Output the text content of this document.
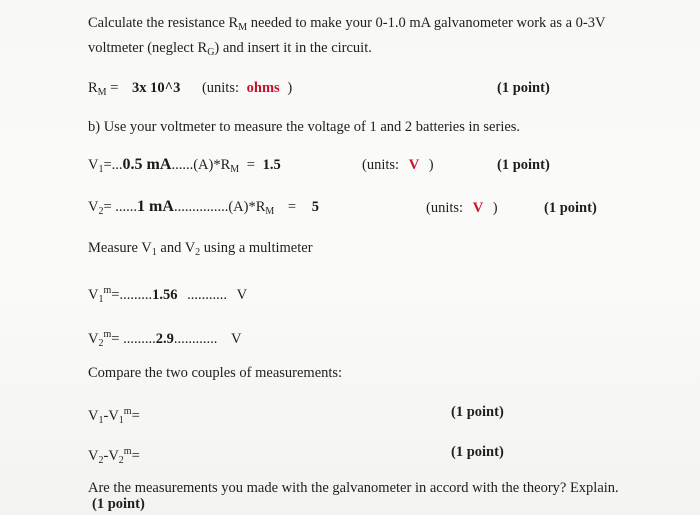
Calculate the resistance $R_M$ needed to make your 0-1.0 mA galvanometer work as a 0-3V
voltmeter (neglect $R_G$) and insert it in the circuit.
$R_M = 3x$ 10^3 (units: ohms )	(1 point)
b) Use your voltmeter to measure the voltage of 1 and 2 batteries in series.
$V_1=...0.5$ $mA......(A)*R_M = 1.5$	(units: V )	(1 point)
$V_2= ......1$ $mA...............(A)*R_M = 5$	(units: V )	(1 point)
Measure $V_1$ and $V_2$ using a multimeter
$V_1^m=.........1.56$ ........... V
$V_2^m= .........2.9$............ V
Compare the two couples of measurements:
$V_1-V_1^m=$	(1 point)
$V_2-V_2^m=$	(1 point)
Are the measurements you made with the galvanometer in accord with the theory? Explain.
(1 point)
